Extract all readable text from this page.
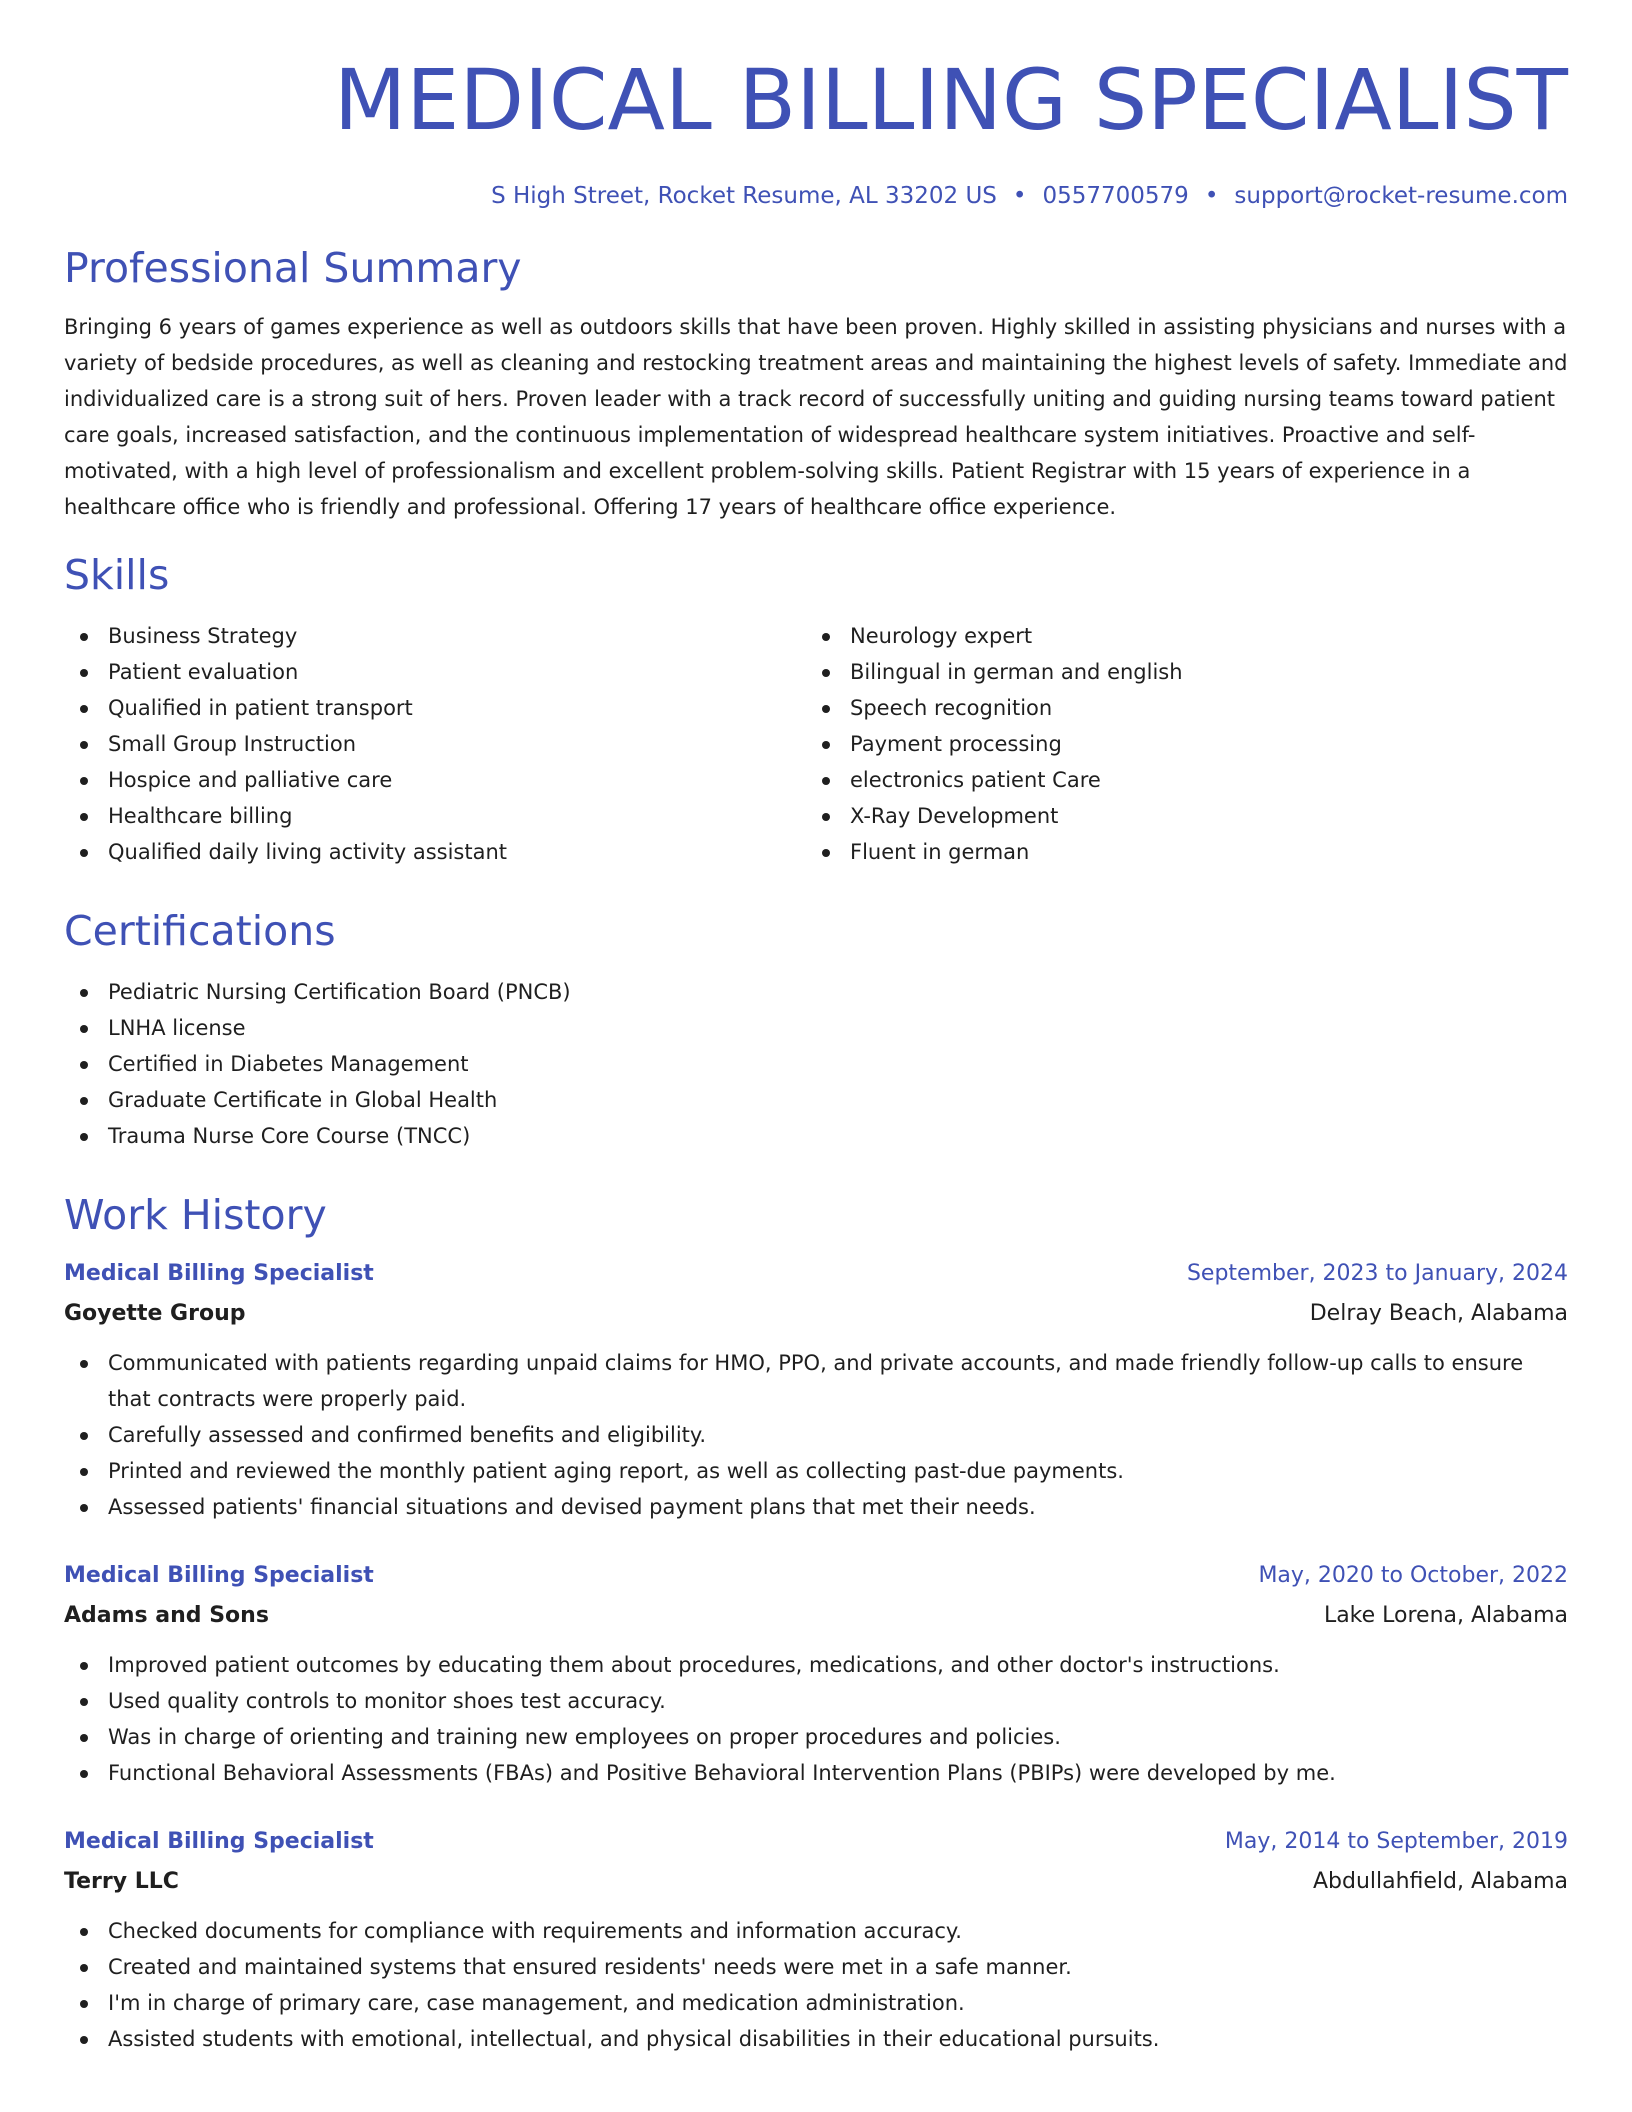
MEDICAL BILLING SPECIALIST
S High Street, Rocket Resume, AL 33202 US • 0557700579 • support@rocket-resume.com
Professional Summary
Bringing 6 years of games experience as well as outdoors skills that have been proven. Highly skilled in assisting physicians and nurses with a variety of bedside procedures, as well as cleaning and restocking treatment areas and maintaining the highest levels of safety. Immediate and individualized care is a strong suit of hers. Proven leader with a track record of successfully uniting and guiding nursing teams toward patient care goals, increased satisfaction, and the continuous implementation of widespread healthcare system initiatives. Proactive and self-motivated, with a high level of professionalism and excellent problem-solving skills. Patient Registrar with 15 years of experience in a healthcare office who is friendly and professional. Offering 17 years of healthcare office experience.
Skills
Business Strategy
Patient evaluation
Qualified in patient transport
Small Group Instruction
Hospice and palliative care
Healthcare billing
Qualified daily living activity assistant
Neurology expert
Bilingual in german and english
Speech recognition
Payment processing
electronics patient Care
X-Ray Development
Fluent in german
Certifications
Pediatric Nursing Certification Board (PNCB)
LNHA license
Certified in Diabetes Management
Graduate Certificate in Global Health
Trauma Nurse Core Course (TNCC)
Work History
Medical Billing Specialist	September, 2023 to January, 2024
Goyette Group	Delray Beach, Alabama
Communicated with patients regarding unpaid claims for HMO, PPO, and private accounts, and made friendly follow-up calls to ensure that contracts were properly paid.
Carefully assessed and confirmed benefits and eligibility.
Printed and reviewed the monthly patient aging report, as well as collecting past-due payments.
Assessed patients' financial situations and devised payment plans that met their needs.
Medical Billing Specialist	May, 2020 to October, 2022
Adams and Sons	Lake Lorena, Alabama
Improved patient outcomes by educating them about procedures, medications, and other doctor's instructions.
Used quality controls to monitor shoes test accuracy.
Was in charge of orienting and training new employees on proper procedures and policies.
Functional Behavioral Assessments (FBAs) and Positive Behavioral Intervention Plans (PBIPs) were developed by me.
Medical Billing Specialist	May, 2014 to September, 2019
Terry LLC	Abdullahfield, Alabama
Checked documents for compliance with requirements and information accuracy.
Created and maintained systems that ensured residents' needs were met in a safe manner.
I'm in charge of primary care, case management, and medication administration.
Assisted students with emotional, intellectual, and physical disabilities in their educational pursuits.
